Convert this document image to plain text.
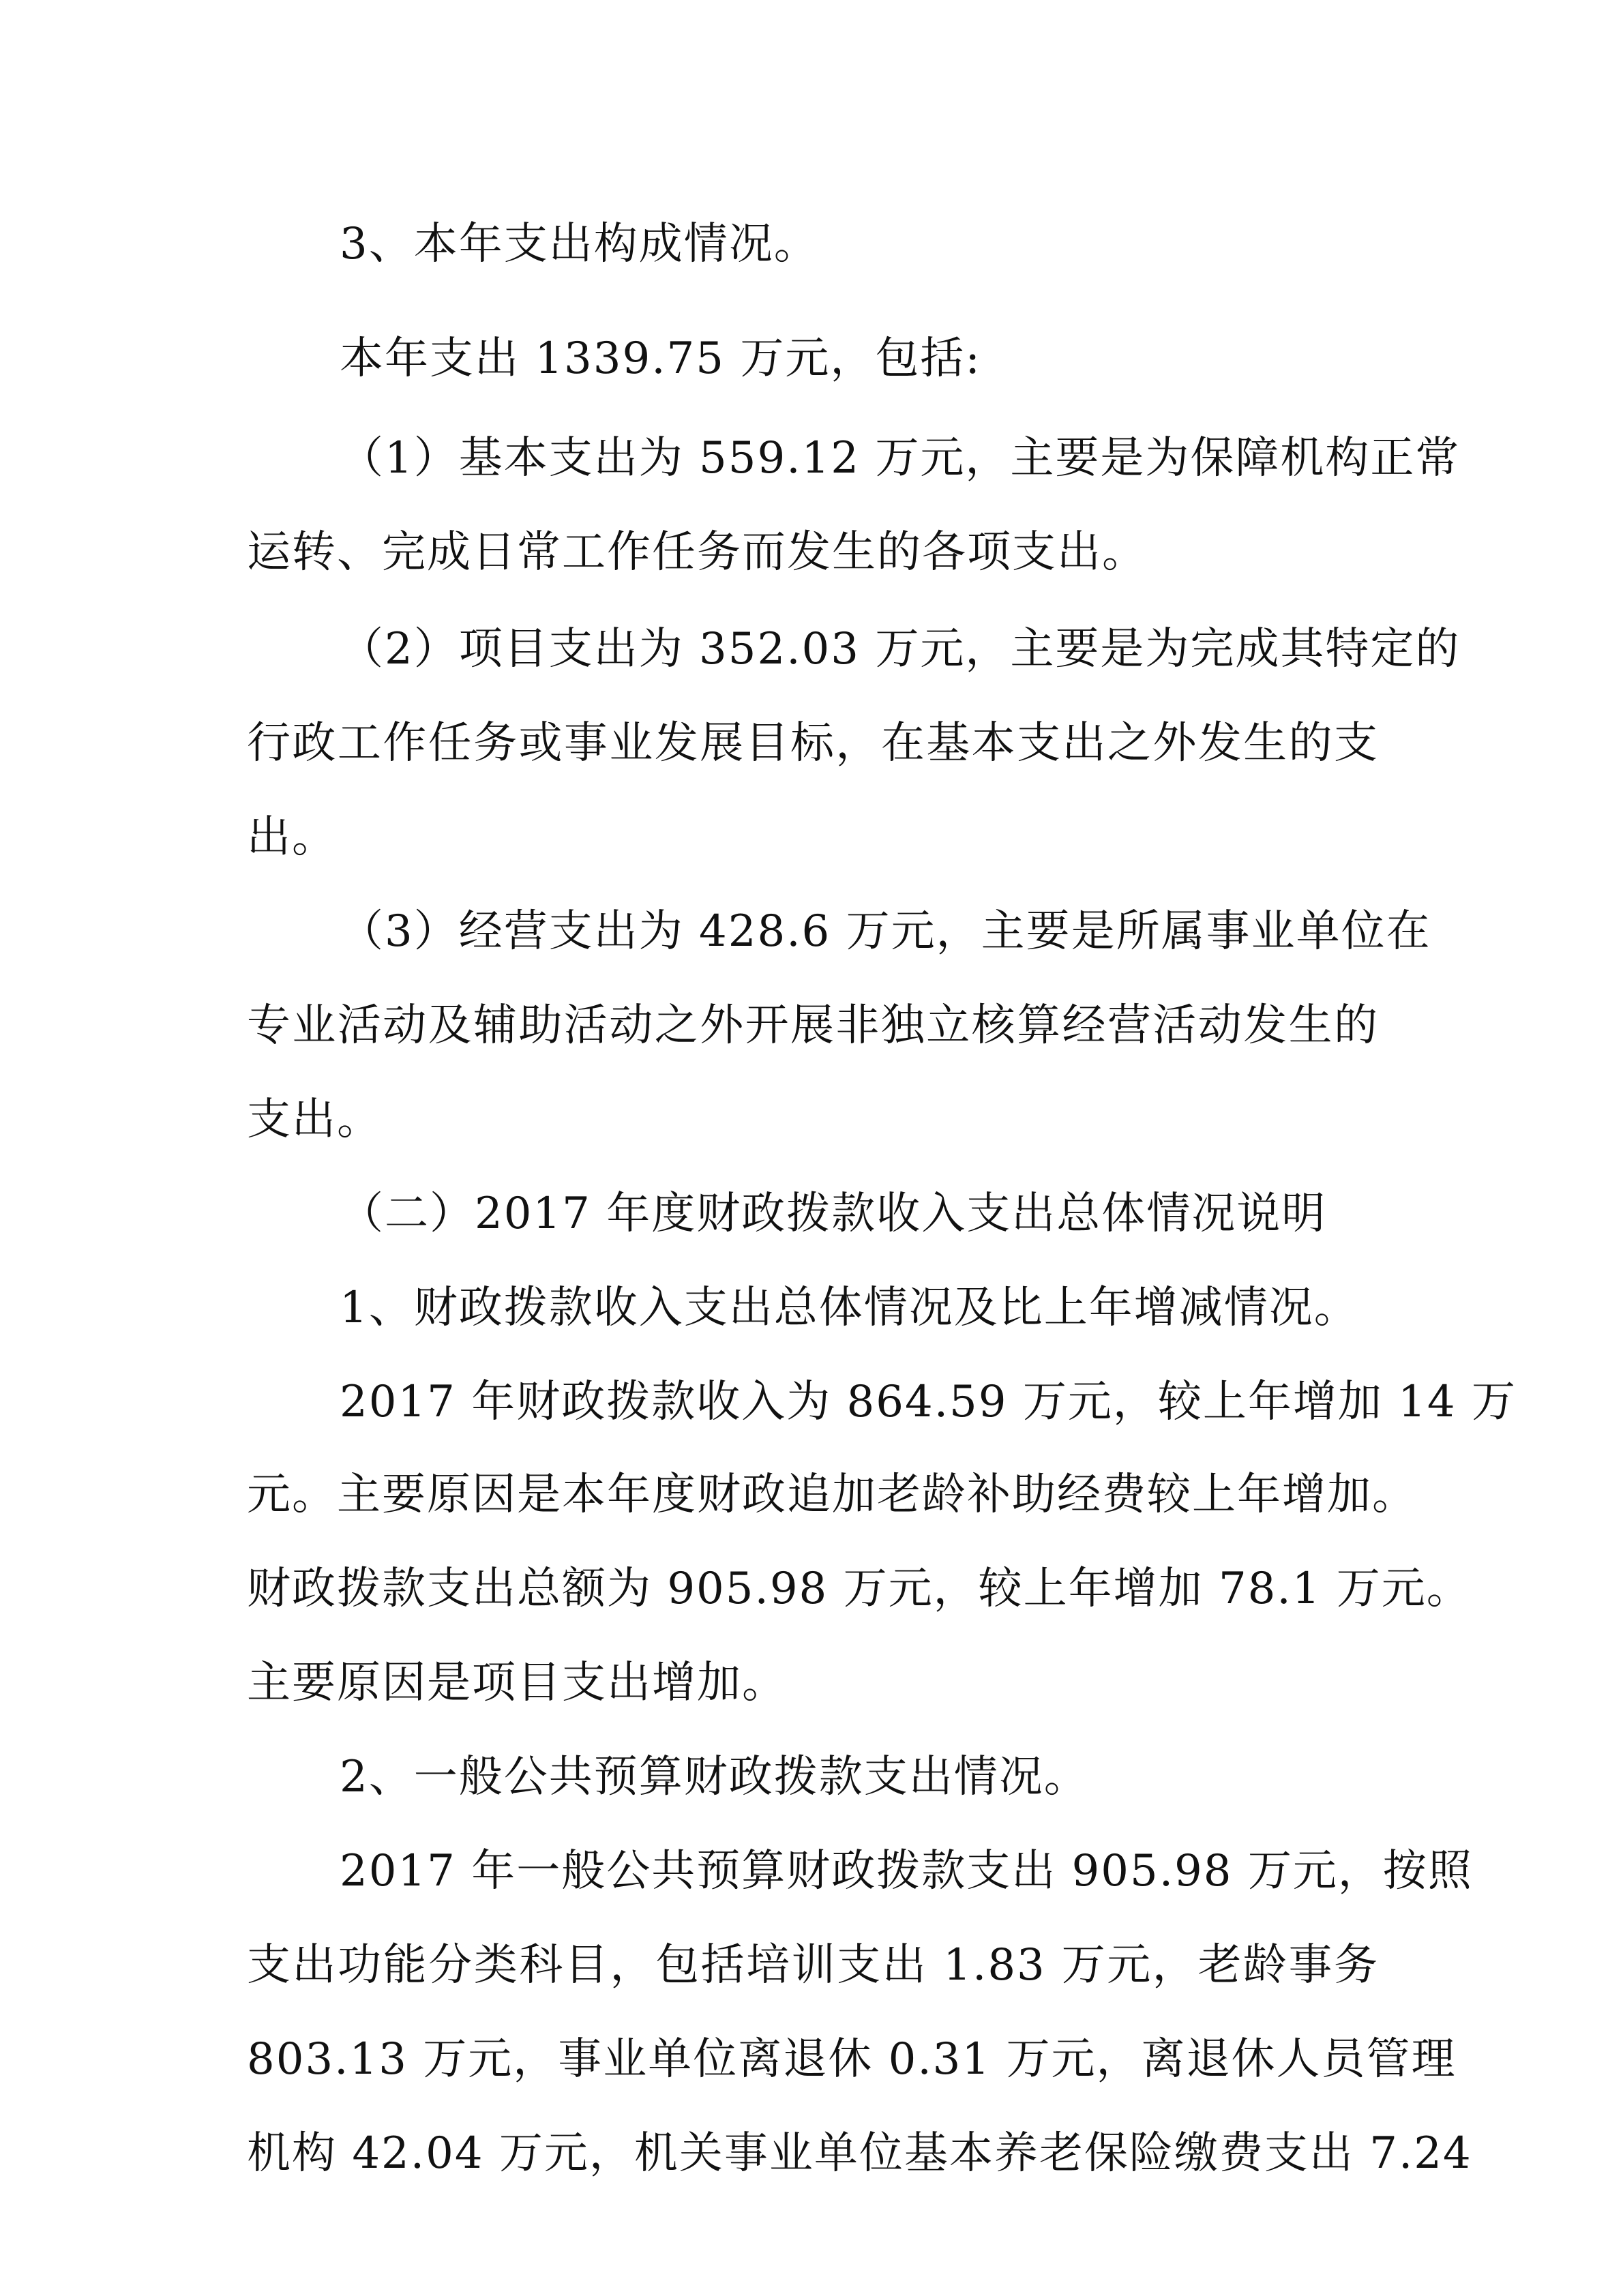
3、本年支出构成情况。
本年支出 1339.75 万元，包括:
（1）基本支出为 559.12 万元，主要是为保障机构正常
运转、完成日常工作任务而发生的各项支出。
（2）项目支出为 352.03 万元，主要是为完成其特定的
行政工作任务或事业发展目标，在基本支出之外发生的支
出。
（3）经营支出为 428.6 万元，主要是所属事业单位在
专业活动及辅助活动之外开展非独立核算经营活动发生的
支出。
（二）2017 年度财政拨款收入支出总体情况说明
1、财政拨款收入支出总体情况及比上年增减情况。
2017 年财政拨款收入为 864.59 万元，较上年增加 14 万
元。主要原因是本年度财政追加老龄补助经费较上年增加。
财政拨款支出总额为 905.98 万元，较上年增加 78.1 万元。
主要原因是项目支出增加。
2、一般公共预算财政拨款支出情况。
2017 年一般公共预算财政拨款支出 905.98 万元，按照
支出功能分类科目，包括培训支出 1.83 万元，老龄事务
803.13 万元，事业单位离退休 0.31 万元，离退休人员管理
机构 42.04 万元，机关事业单位基本养老保险缴费支出 7.24
